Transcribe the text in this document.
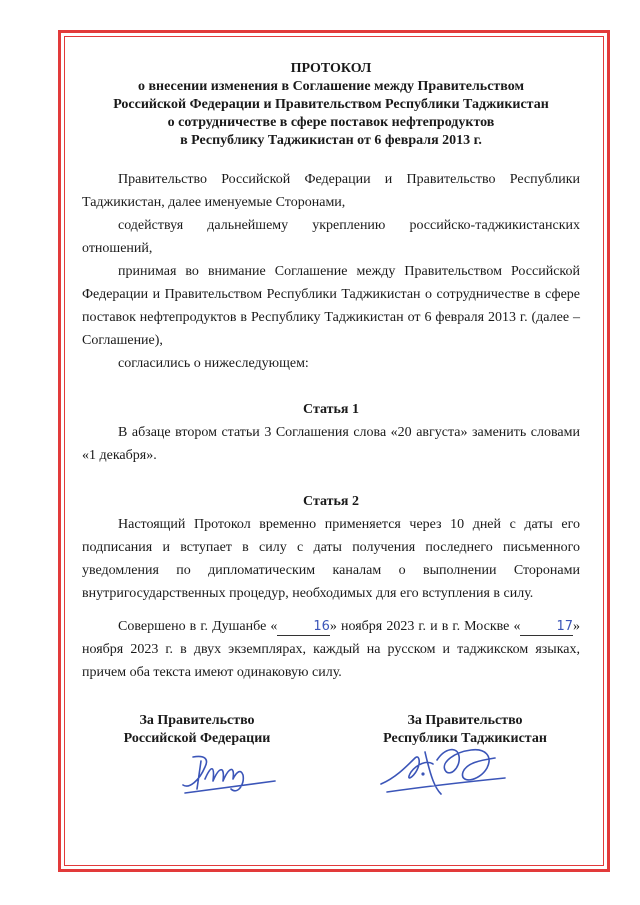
ПРОТОКОЛ
о внесении изменения в Соглашение между Правительством
Российской Федерации и Правительством Республики Таджикистан
о сотрудничестве в сфере поставок нефтепродуктов
в Республику Таджикистан от 6 февраля 2013 г.

Правительство Российской Федерации и Правительство Республики Таджикистан, далее именуемые Сторонами,

содействуя дальнейшему укреплению российско-таджикистанских отношений,

принимая во внимание Соглашение между Правительством Российской Федерации и Правительством Республики Таджикистан о сотрудничестве в сфере поставок нефтепродуктов в Республику Таджикистан от 6 февраля 2013 г. (далее – Соглашение),

согласились о нижеследующем:

Статья 1

В абзаце втором статьи 3 Соглашения слова «20 августа» заменить словами «1 декабря».

Статья 2

Настоящий Протокол временно применяется через 10 дней с даты его подписания и вступает в силу с даты получения последнего письменного уведомления по дипломатическим каналам о выполнении Сторонами внутригосударственных процедур, необходимых для его вступления в силу.

Совершено в г. Душанбе «	16» ноября 2023 г. и в г. Москве «	17» ноября 2023 г. в двух экземплярах, каждый на русском и таджикском языках, причем оба текста имеют одинаковую силу.

За Правительство
Российской Федерации
За Правительство
Республики Таджикистан
